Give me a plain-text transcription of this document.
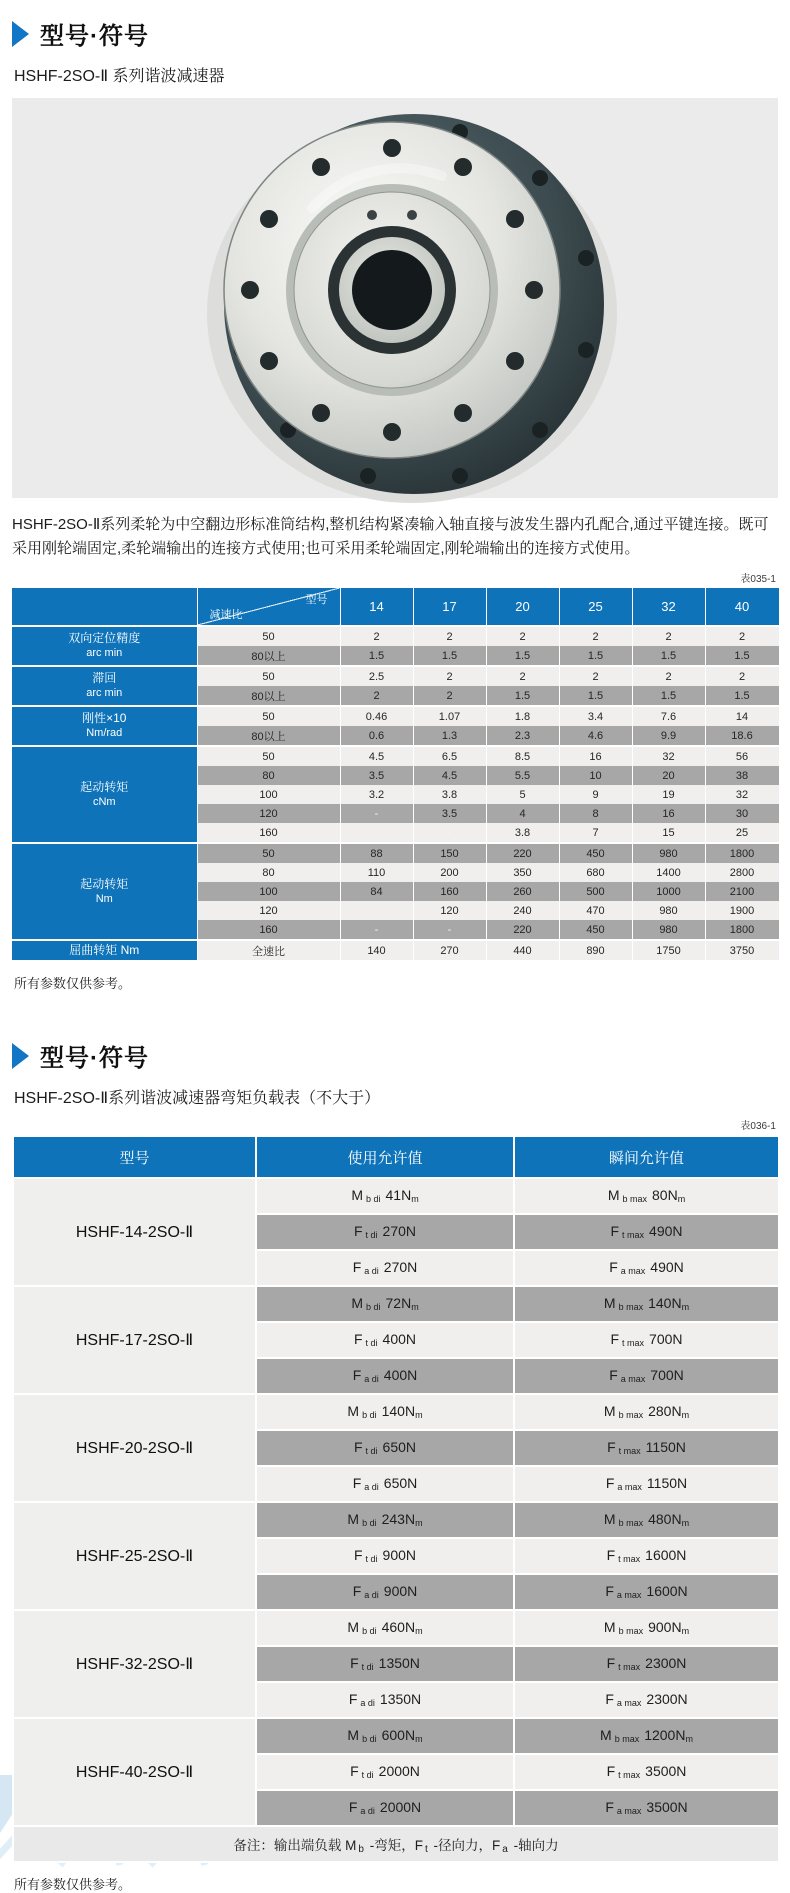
型号·符号

HSHF-2SO-Ⅱ 系列谐波减速器

HSHF-2SO-Ⅱ系列柔轮为中空翻边形标准筒结构,整机结构紧凑输入轴直接与波发生器内孔配合,通过平键连接。既可采用刚轮端固定,柔轮端输出的连接方式使用;也可采用柔轮端固定,刚轮端输出的连接方式使用。

表035-1

	型号
减速比	14	17	20	25	32	40

双向定位精度
arc min	50	2	2	2	2	2	2
	80以上	1.5	1.5	1.5	1.5	1.5	1.5

滞回
arc min	50	2.5	2	2	2	2	2
	80以上	2	2	1.5	1.5	1.5	1.5

刚性×10
Nm/rad	50	0.46	1.07	1.8	3.4	7.6	14
	80以上	0.6	1.3	2.3	4.6	9.9	18.6

起动转矩
cNm	50	4.5	6.5	8.5	16	32	56
	80	3.5	4.5	5.5	10	20	38
	100	3.2	3.8	5	9	19	32
	120	-	3.5	4	8	16	30
	160	-	-	3.8	7	15	25

起动转矩
Nm	50	88	150	220	450	980	1800
	80	110	200	350	680	1400	2800
	100	84	160	260	500	1000	2100
	120	-	120	240	470	980	1900
	160	-	-	220	450	980	1800

屈曲转矩 Nm	全速比	140	270	440	890	1750	3750

所有参数仅供参考。

型号·符号

HSHF-2SO-Ⅱ系列谐波减速器弯矩负载表（不大于）

表036-1
型号	使用允许值	瞬间允许值
HSHF-14-2SO-Ⅱ	M $_{b di}$ 41Nm	M $_{b max}$ 80Nm
	F $_{t di}$ 270N	F $_{t max}$ 490N
	F $_{a di}$ 270N	F $_{a max}$ 490N
HSHF-17-2SO-Ⅱ	M $_{b di}$ 72Nm	M $_{b max}$ 140Nm
	F $_{t di}$ 400N	F $_{t max}$ 700N
	F $_{a di}$ 400N	F $_{a max}$ 700N
HSHF-20-2SO-Ⅱ	M $_{b di}$ 140Nm	M $_{b max}$ 280Nm
	F $_{t di}$ 650N	F $_{t max}$ 1150N
	F $_{a di}$ 650N	F $_{a max}$ 1150N
HSHF-25-2SO-Ⅱ	M $_{b di}$ 243Nm	M $_{b max}$ 480Nm
	F $_{t di}$ 900N	F $_{t max}$ 1600N
	F $_{a di}$ 900N	F $_{a max}$ 1600N
HSHF-32-2SO-Ⅱ	M $_{b di}$ 460Nm	M $_{b max}$ 900Nm
	F $_{t di}$ 1350N	F $_{t max}$ 2300N
	F $_{a di}$ 1350N	F $_{a max}$ 2300N
HSHF-40-2SO-Ⅱ	M $_{b di}$ 600Nm	M $_{b max}$ 1200Nm
	F $_{t di}$ 2000N	F $_{t max}$ 3500N
	F $_{a di}$ 2000N	F $_{a max}$ 3500N
备注：输出端负载 M b -弯矩，F t -径向力，F a -轴向力		

所有参数仅供参考。
